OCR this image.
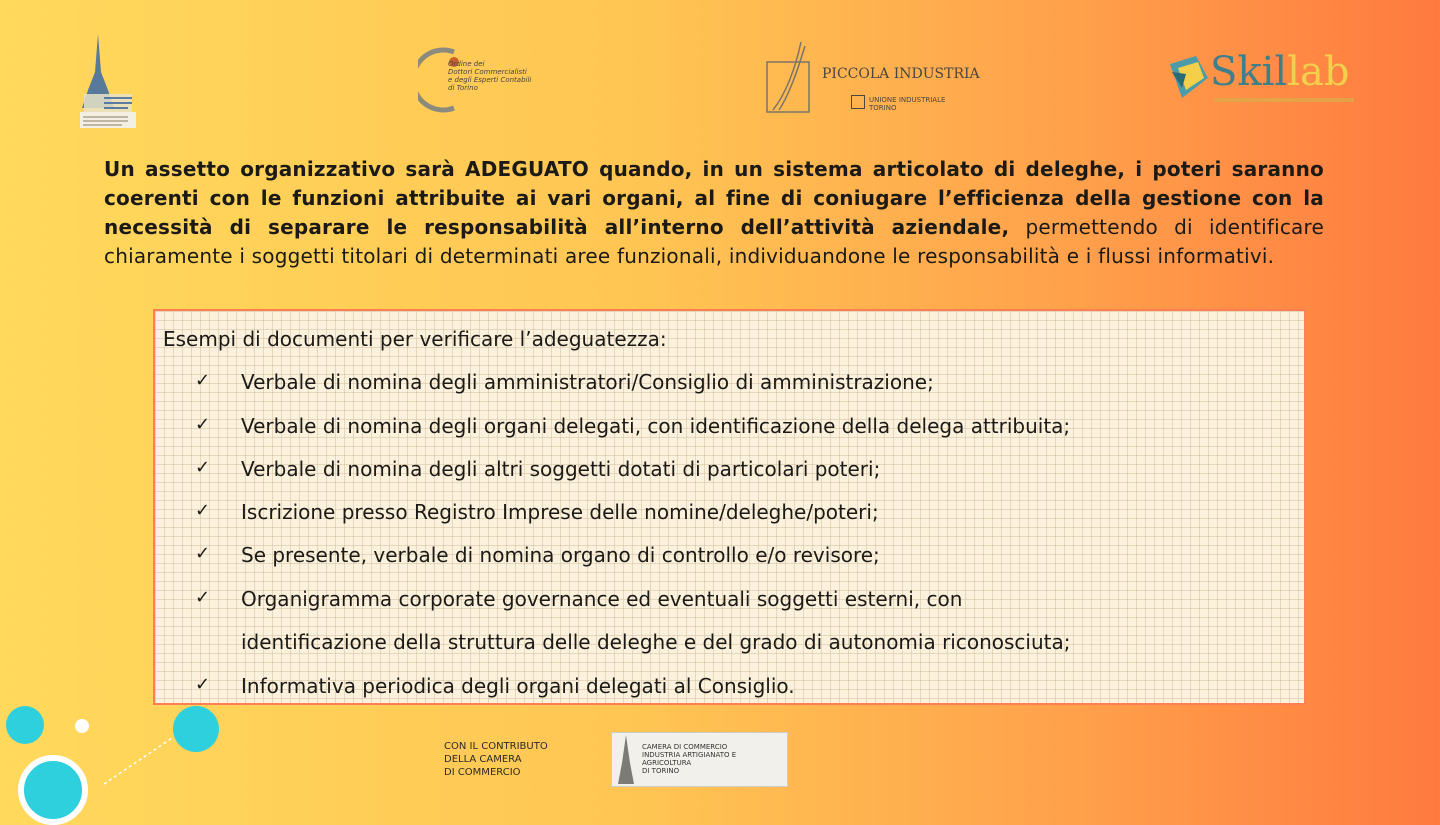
Ordine dei
Dottori Commercialisti
e degli Esperti Contabili
di Torino
PICCOLA INDUSTRIA
UNIONE INDUSTRIALE
TORINO
Skillab
Un assetto organizzativo sarà ADEGUATO quando, in un sistema articolato di deleghe, i poteri saranno coerenti con le funzioni attribuite ai vari organi, al fine di coniugare l’efficienza della gestione con la necessità di separare le responsabilità all’interno dell’attività aziendale, permettendo di identificare chiaramente i soggetti titolari di determinati aree funzionali, individuandone le responsabilità e i flussi informativi.
Esempi di documenti per verificare l’adeguatezza:
✓ Verbale di nomina degli amministratori/Consiglio di amministrazione;
✓ Verbale di nomina degli organi delegati, con identificazione della delega attribuita;
✓ Verbale di nomina degli altri soggetti dotati di particolari poteri;
✓ Iscrizione presso Registro Imprese delle nomine/deleghe/poteri;
✓ Se presente, verbale di nomina organo di controllo e/o revisore;
✓ Organigramma corporate governance ed eventuali soggetti esterni, con
identificazione della struttura delle deleghe e del grado di autonomia riconosciuta;
✓ Informativa periodica degli organi delegati al Consiglio.
CON IL CONTRIBUTO
DELLA CAMERA
DI COMMERCIO
CAMERA DI COMMERCIO
INDUSTRIA ARTIGIANATO E AGRICOLTURA
DI TORINO
